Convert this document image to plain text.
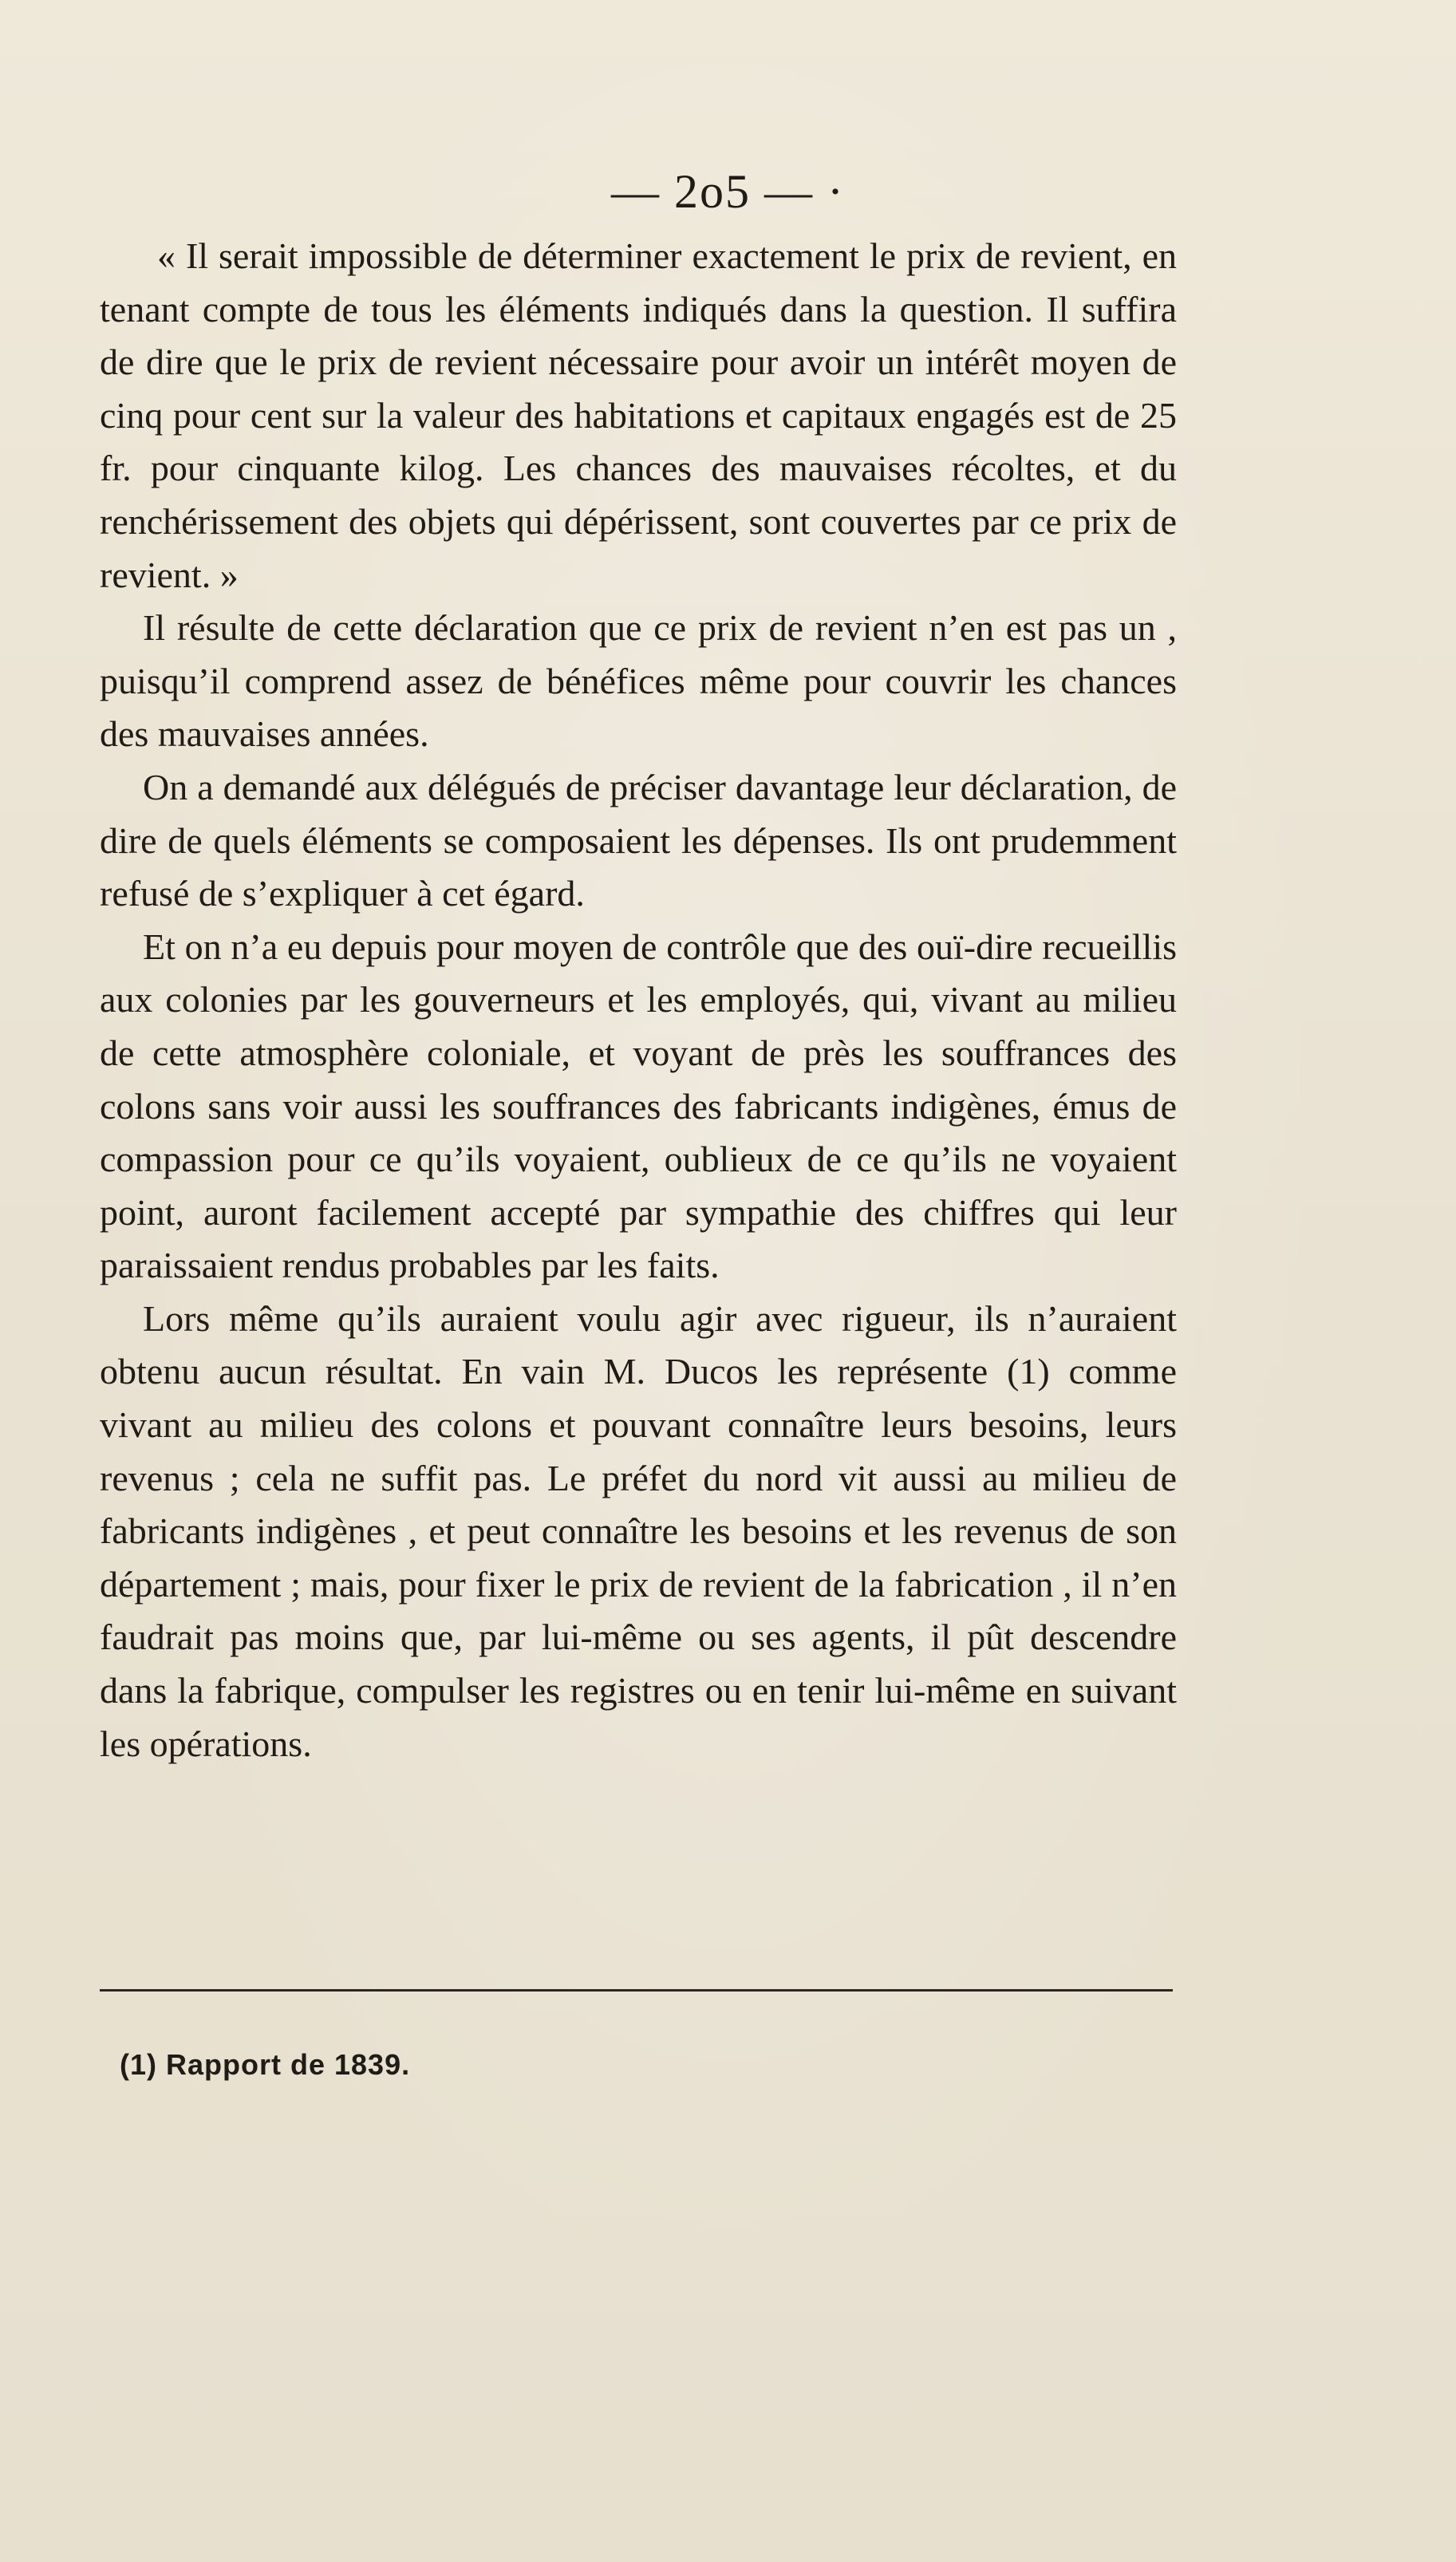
— 2o5 — ·

« Il serait impossible de déterminer exactement le prix de revient, en tenant compte de tous les éléments indiqués dans la question. Il suffira de dire que le prix de revient nécessaire pour avoir un intérêt moyen de cinq pour cent sur la valeur des habitations et capitaux engagés est de 25 fr. pour cinquante kilog. Les chances des mauvaises récoltes, et du renchérissement des objets qui dépérissent, sont couvertes par ce prix de revient. »

Il résulte de cette déclaration que ce prix de revient n’en est pas un , puisqu’il comprend assez de bénéfices même pour couvrir les chances des mauvaises années.

On a demandé aux délégués de préciser davantage leur déclaration, de dire de quels éléments se composaient les dépenses. Ils ont prudemment refusé de s’expliquer à cet égard.

Et on n’a eu depuis pour moyen de contrôle que des ouï-dire recueillis aux colonies par les gouverneurs et les employés, qui, vivant au milieu de cette atmosphère coloniale, et voyant de près les souffrances des colons sans voir aussi les souffrances des fabricants indigènes, émus de compassion pour ce qu’ils voyaient, oublieux de ce qu’ils ne voyaient point, auront facilement accepté par sympathie des chiffres qui leur paraissaient rendus probables par les faits.

Lors même qu’ils auraient voulu agir avec rigueur, ils n’auraient obtenu aucun résultat. En vain M. Ducos les représente (1) comme vivant au milieu des colons et pouvant connaître leurs besoins, leurs revenus ; cela ne suffit pas. Le préfet du nord vit aussi au milieu de fabricants indigènes , et peut connaître les besoins et les revenus de son département ; mais, pour fixer le prix de revient de la fabrication , il n’en faudrait pas moins que, par lui-même ou ses agents, il pût descendre dans la fabrique, compulser les registres ou en tenir lui-même en suivant les opérations.

(1) Rapport de 1839.
